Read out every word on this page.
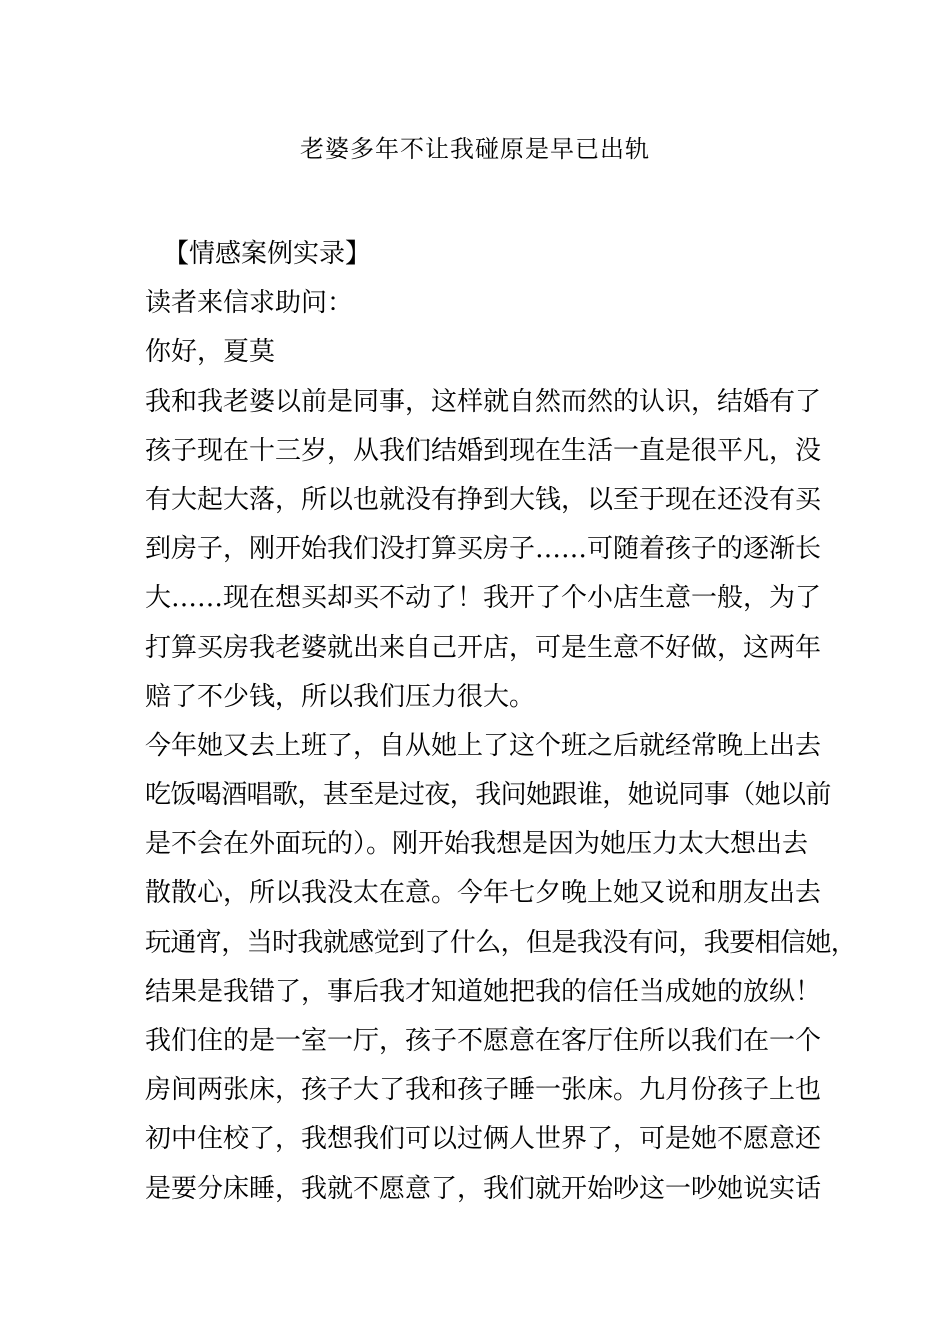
老婆多年不让我碰原是早已出轨
【情感案例实录】
读者来信求助问：
你好，夏莫
我和我老婆以前是同事，这样就自然而然的认识，结婚有了
孩子现在十三岁，从我们结婚到现在生活一直是很平凡，没
有大起大落，所以也就没有挣到大钱，以至于现在还没有买
到房子，刚开始我们没打算买房子……可随着孩子的逐渐长
大……现在想买却买不动了！我开了个小店生意一般，为了
打算买房我老婆就出来自己开店，可是生意不好做，这两年
赔了不少钱，所以我们压力很大。
今年她又去上班了，自从她上了这个班之后就经常晚上出去
吃饭喝酒唱歌，甚至是过夜，我问她跟谁，她说同事（她以前
是不会在外面玩的）。刚开始我想是因为她压力太大想出去
散散心，所以我没太在意。今年七夕晚上她又说和朋友出去
玩通宵，当时我就感觉到了什么，但是我没有问，我要相信她，
结果是我错了，事后我才知道她把我的信任当成她的放纵！
我们住的是一室一厅，孩子不愿意在客厅住所以我们在一个
房间两张床，孩子大了我和孩子睡一张床。九月份孩子上也
初中住校了，我想我们可以过俩人世界了，可是她不愿意还
是要分床睡，我就不愿意了，我们就开始吵这一吵她说实话
